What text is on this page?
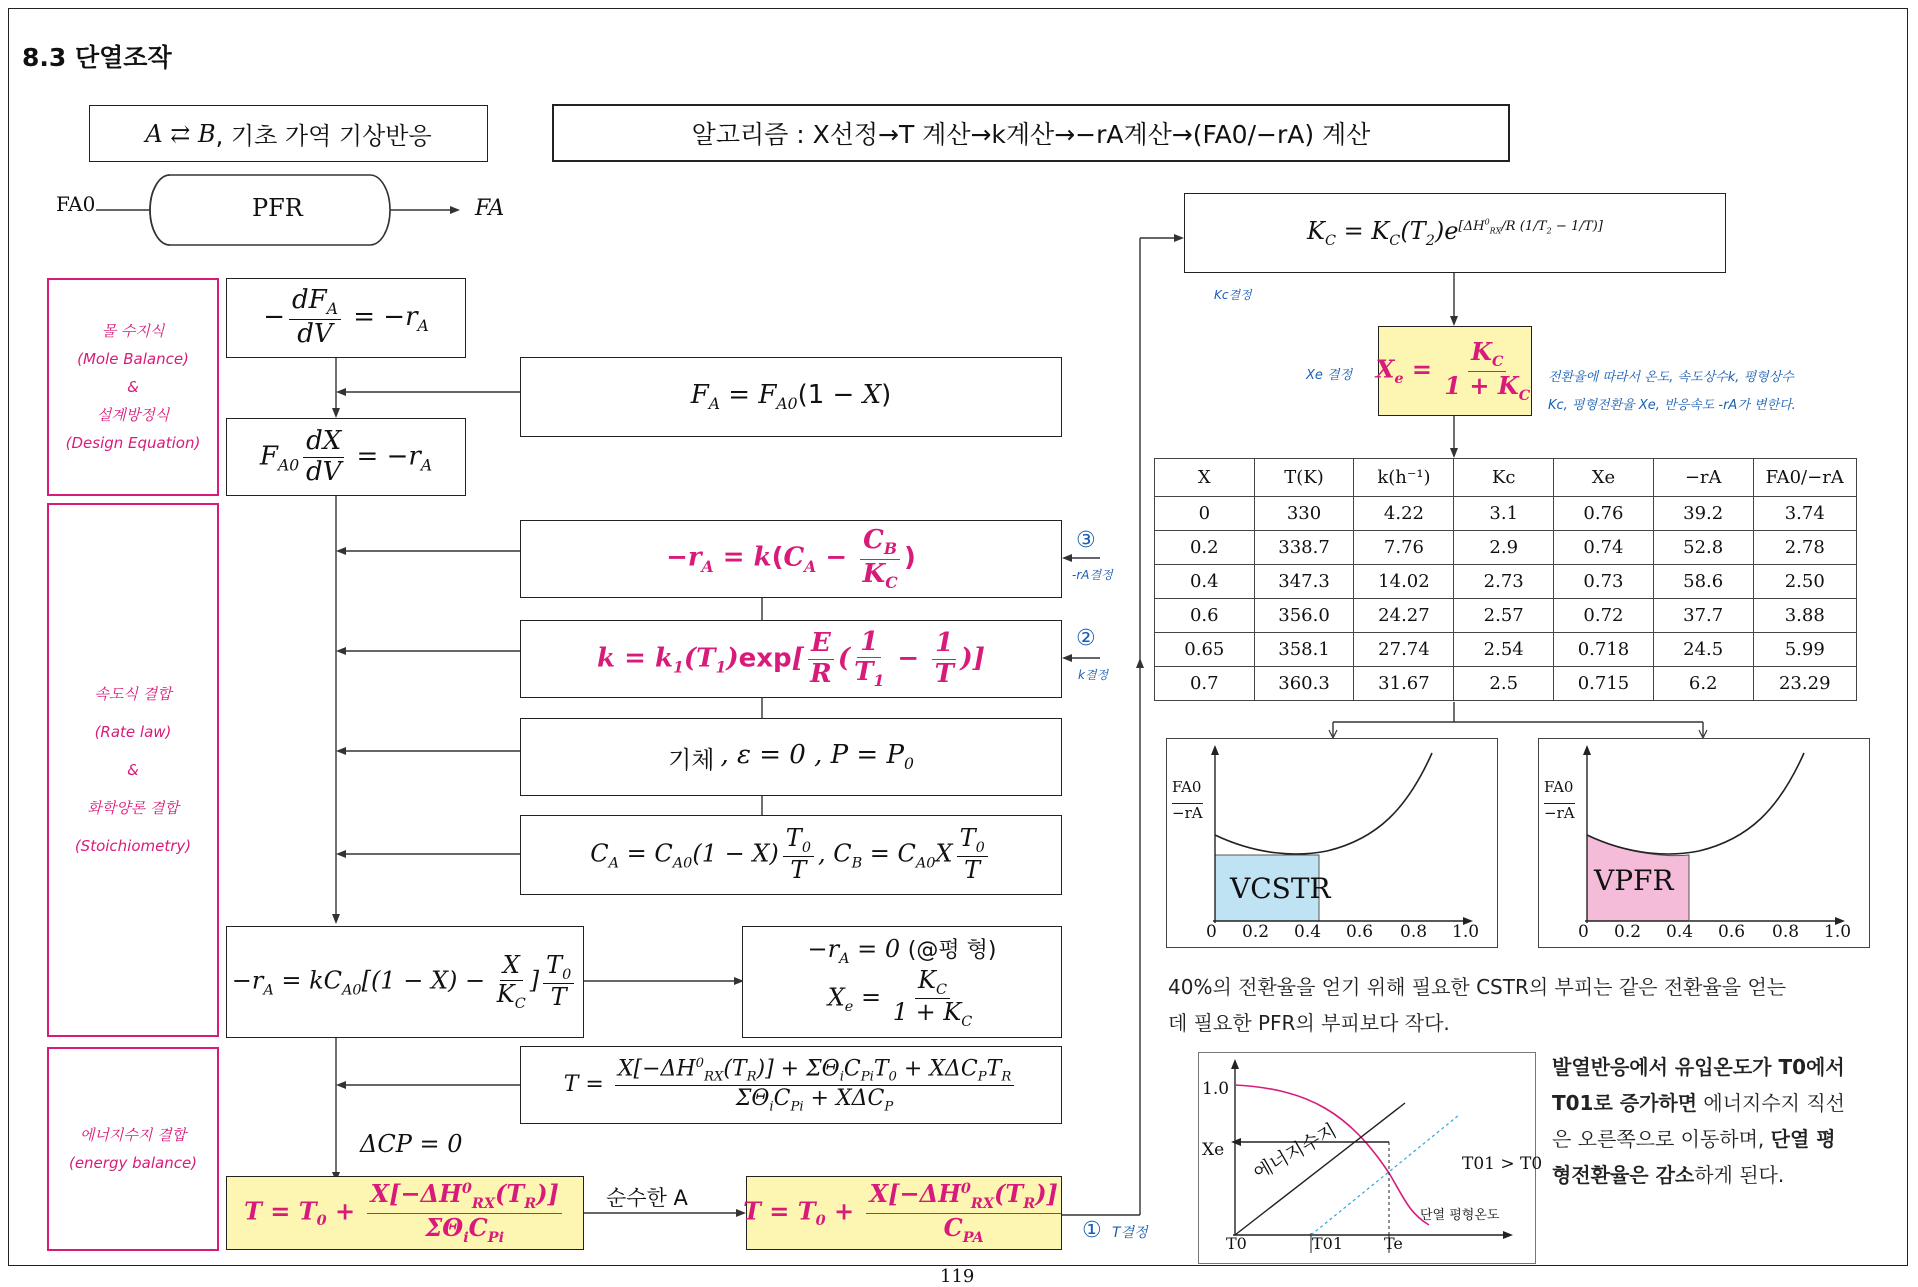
8.3 단열조작
A ⇄ B , 기초 가역 기상반응	알고리즘 : X선정→T 계산→k계산→−rA계산→(FA0/−rA) 계산
FA0	PFR	FA
몰 수지식
(Mole Balance)
&
설계방정식
(Design Equation)
속도식 결합
(Rate law)
&
화학양론 결합
(Stoichiometry)
에너지수지 결합
(energy balance)
− $\frac{dF_A}{dV} = -r_A$
$F_{A0} \frac{dX}{dV} = -r_A$
$F_A = F_{A0}(1 - X)$
$-r_A = k(C_A - \frac{C_B}{K_C}$ )
$k = k_1(T_1)\exp[ \frac{E}{R}$ ( $\frac{1}{T_1} - \frac{1}{T}$ )]
기체 , ε = 0 , $P = P_0$
$C_A = C_{A0}(1 - X) \frac{T_0}{T}$ , $C_B = C_{A0}X \frac{T_0}{T}$
$-r_A = kC_{A0}[(1 - X) - \frac{X}{K_C}$ ] $\frac{T_0}{T}$
$-r_A = 0$ (@평 형)
$X_e = \frac{K_C}{1 + K_C}$
$T = \frac{X[-\Delta H^0_{RX}(T_R)] + \Sigma\Theta_iC_{Pi}T_0 + X\Delta C_PT_R}{\Sigma\Theta_iC_{Pi} + X\Delta C_P}$
ΔCP = 0
$T = T_0 + \frac{X[-\Delta H^0_{RX}(T_R)]}{\Sigma\Theta_iC_{Pi}}$ 순수한 A $T = T_0 + \frac{X[-\Delta H^0_{RX}(T_R)]}{C_{PA}}$ ① T결정
③
-rA결정
②
k결정
$K_C = K_C(T_2)e[\Delta H0RX/R (1/T2 - 1/T)]$
Kc결정
$X_e = \frac{K_C}{1 + K_C}$
Xe 결정	전환율에 따라서 온도, 속도상수k, 평형상수
Kc, 평형전환율 Xe, 반응속도 -rA가 변한다.
X	T(K)	k(h⁻¹)	Kc	Xe	−rA	FA0/−rA
0	330	4.22	3.1	0.76	39.2	3.74
0.2	338.7	7.76	2.9	0.74	52.8	2.78
0.4	347.3	14.02	2.73	0.73	58.6	2.50
0.6	356.0	24.27	2.57	0.72	37.7	3.88
0.65	358.1	27.74	2.54	0.718	24.5	5.99
0.7	360.3	31.67	2.5	0.715	6.2	23.29
FA0
−rA
VCSTR
0 0.2 0.4 0.6 0.8 1.0
FA0
−rA
VPFR
0 0.2 0.4 0.6 0.8 1.0
40%의 전환율을 얻기 위해 필요한 CSTR의 부피는 같은 전환율을 얻는
데 필요한 PFR의 부피보다 작다.
1.0
Xe 에너지수지	T01 > T0
단열 평형온도
T0	T01	Te
발열반응에서 유입온도가 T0에서
T01로 증가하면 에너지수지 직선
은 오른쪽으로 이동하며, 단열 평
형전환율은 감소하게 된다.
119
